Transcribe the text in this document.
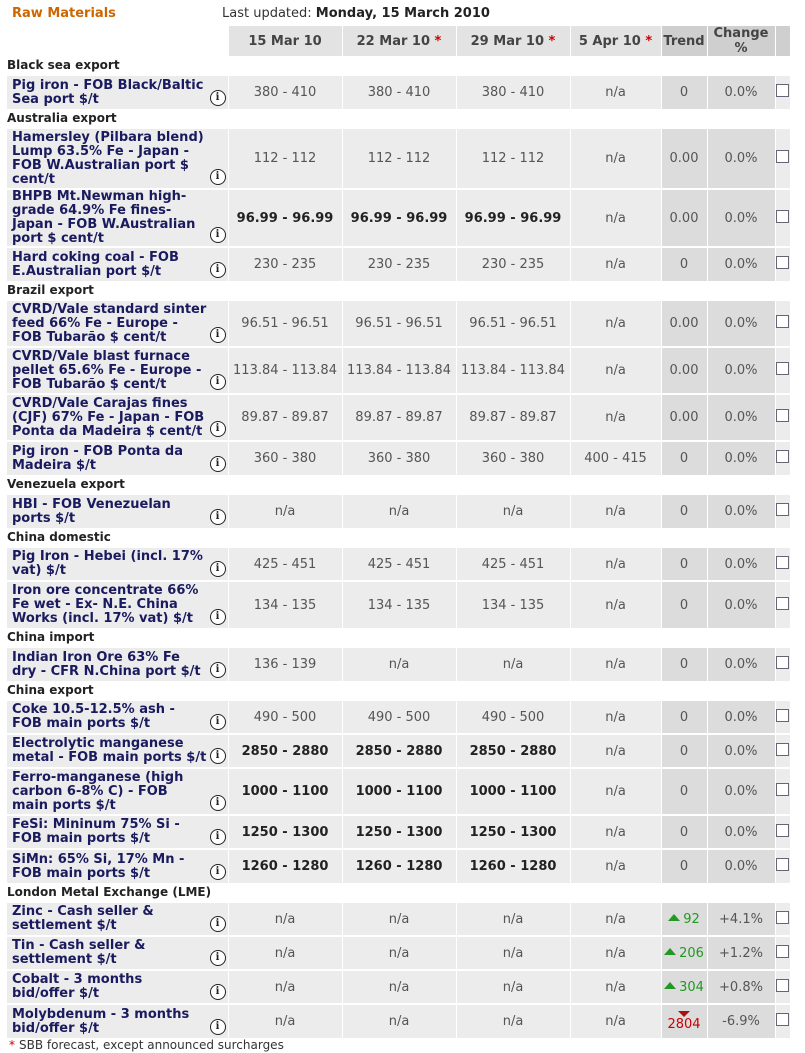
Raw Materials	Last updated: Monday, 15 March 2010
	15 Mar 10	22 Mar 10 *	29 Mar 10 *	5 Apr 10 *	Trend	Change %	
Black sea export							

Pig iron - FOB Black/Baltic Sea port $/t i	380 - 410	380 - 410	380 - 410	n/a	0	0.0%	
Australia export							

Hamersley (Pilbara blend) Lump 63.5% Fe - Japan - FOB W.Australian port $ cent/t i	112 - 112	112 - 112	112 - 112	n/a	0.00	0.0%	

BHPB Mt.Newman high-grade 64.9% Fe fines- Japan - FOB W.Australian port $ cent/t i	96.99 - 96.99	96.99 - 96.99	96.99 - 96.99	n/a	0.00	0.0%	

Hard coking coal - FOB E.Australian port $/t i	230 - 235	230 - 235	230 - 235	n/a	0	0.0%	
Brazil export							

CVRD/Vale standard sinter feed 66% Fe - Europe - FOB Tubarão $ cent/t i	96.51 - 96.51	96.51 - 96.51	96.51 - 96.51	n/a	0.00	0.0%	

CVRD/Vale blast furnace pellet 65.6% Fe - Europe - FOB Tubarão $ cent/t i	113.84 - 113.84	113.84 - 113.84	113.84 - 113.84	n/a	0.00	0.0%	

CVRD/Vale Carajas fines (CJF) 67% Fe - Japan - FOB Ponta da Madeira $ cent/t i	89.87 - 89.87	89.87 - 89.87	89.87 - 89.87	n/a	0.00	0.0%	

Pig iron - FOB Ponta da Madeira $/t i	360 - 380	360 - 380	360 - 380	400 - 415	0	0.0%	
Venezuela export							

HBI - FOB Venezuelan ports $/t i	n/a	n/a	n/a	n/a	0	0.0%	
China domestic							

Pig Iron - Hebei (incl. 17% vat) $/t i	425 - 451	425 - 451	425 - 451	n/a	0	0.0%	

Iron ore concentrate 66% Fe wet - Ex- N.E. China Works (incl. 17% vat) $/t i	134 - 135	134 - 135	134 - 135	n/a	0	0.0%	
China import							

Indian Iron Ore 63% Fe dry - CFR N.China port $/t i	136 - 139	n/a	n/a	n/a	0	0.0%	
China export							

Coke 10.5-12.5% ash - FOB main ports $/t i	490 - 500	490 - 500	490 - 500	n/a	0	0.0%	

Electrolytic manganese metal - FOB main ports $/t i	2850 - 2880	2850 - 2880	2850 - 2880	n/a	0	0.0%	

Ferro-manganese (high carbon 6-8% C) - FOB main ports $/t i	1000 - 1100	1000 - 1100	1000 - 1100	n/a	0	0.0%	

FeSi: Mininum 75% Si - FOB main ports $/t i	1250 - 1300	1250 - 1300	1250 - 1300	n/a	0	0.0%	

SiMn: 65% Si, 17% Mn - FOB main ports $/t i	1260 - 1280	1260 - 1280	1260 - 1280	n/a	0	0.0%	
London Metal Exchange (LME)							

Zinc - Cash seller & settlement $/t i	n/a	n/a	n/a	n/a	92	+4.1%	

Tin - Cash seller & settlement $/t i	n/a	n/a	n/a	n/a	206	+1.2%	

Cobalt - 3 months bid/offer $/t i	n/a	n/a	n/a	n/a	304	+0.8%	

Molybdenum - 3 months bid/offer $/t i	n/a	n/a	n/a	n/a	2804	-6.9%	
* SBB forecast, except announced surcharges
